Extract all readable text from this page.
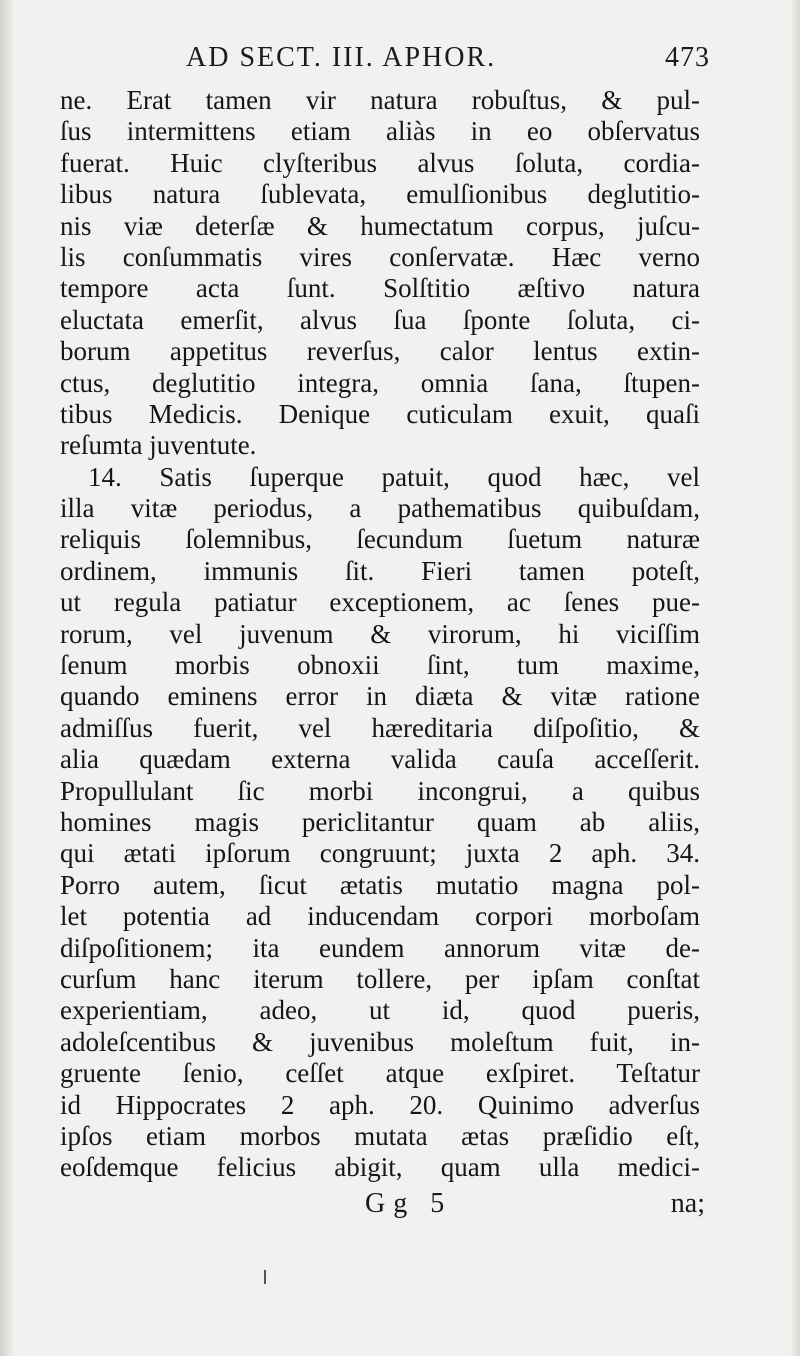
AD SECT. III. APHOR.	473
ne. Erat tamen vir natura robuſtus, & pul-
ſus intermittens etiam aliàs in eo obſervatus
fuerat. Huic clyſteribus alvus ſoluta, cordia-
libus natura ſublevata, emulſionibus deglutitio-
nis viæ deterſæ & humectatum corpus, juſcu-
lis conſummatis vires conſervatæ. Hæc verno
tempore acta ſunt. Solſtitio æſtivo natura
eluctata emerſit, alvus ſua ſponte ſoluta, ci-
borum appetitus reverſus, calor lentus extin-
ctus, deglutitio integra, omnia ſana, ſtupen-
tibus Medicis. Denique cuticulam exuit, quaſi
reſumta juventute.
14. Satis ſuperque patuit, quod hæc, vel
illa vitæ periodus, a pathematibus quibuſdam,
reliquis ſolemnibus, ſecundum ſuetum naturæ
ordinem, immunis ſit. Fieri tamen poteſt,
ut regula patiatur exceptionem, ac ſenes pue-
rorum, vel juvenum & virorum, hi viciſſim
ſenum morbis obnoxii ſint, tum maxime,
quando eminens error in diæta & vitæ ratione
admiſſus fuerit, vel hæreditaria diſpoſitio, &
alia quædam externa valida cauſa acceſſerit.
Propullulant ſic morbi incongrui, a quibus
homines magis periclitantur quam ab aliis,
qui ætati ipſorum congruunt; juxta 2 aph. 34.
Porro autem, ſicut ætatis mutatio magna pol-
let potentia ad inducendam corpori morboſam
diſpoſitionem; ita eundem annorum vitæ de-
curſum hanc iterum tollere, per ipſam conſtat
experientiam, adeo, ut id, quod pueris,
adoleſcentibus & juvenibus moleſtum fuit, in-
gruente ſenio, ceſſet atque exſpiret. Teſtatur
id Hippocrates 2 aph. 20. Quinimo adverſus
ipſos etiam morbos mutata ætas præſidio eſt,
eoſdemque felicius abigit, quam ulla medici-
Gg 5	na;
